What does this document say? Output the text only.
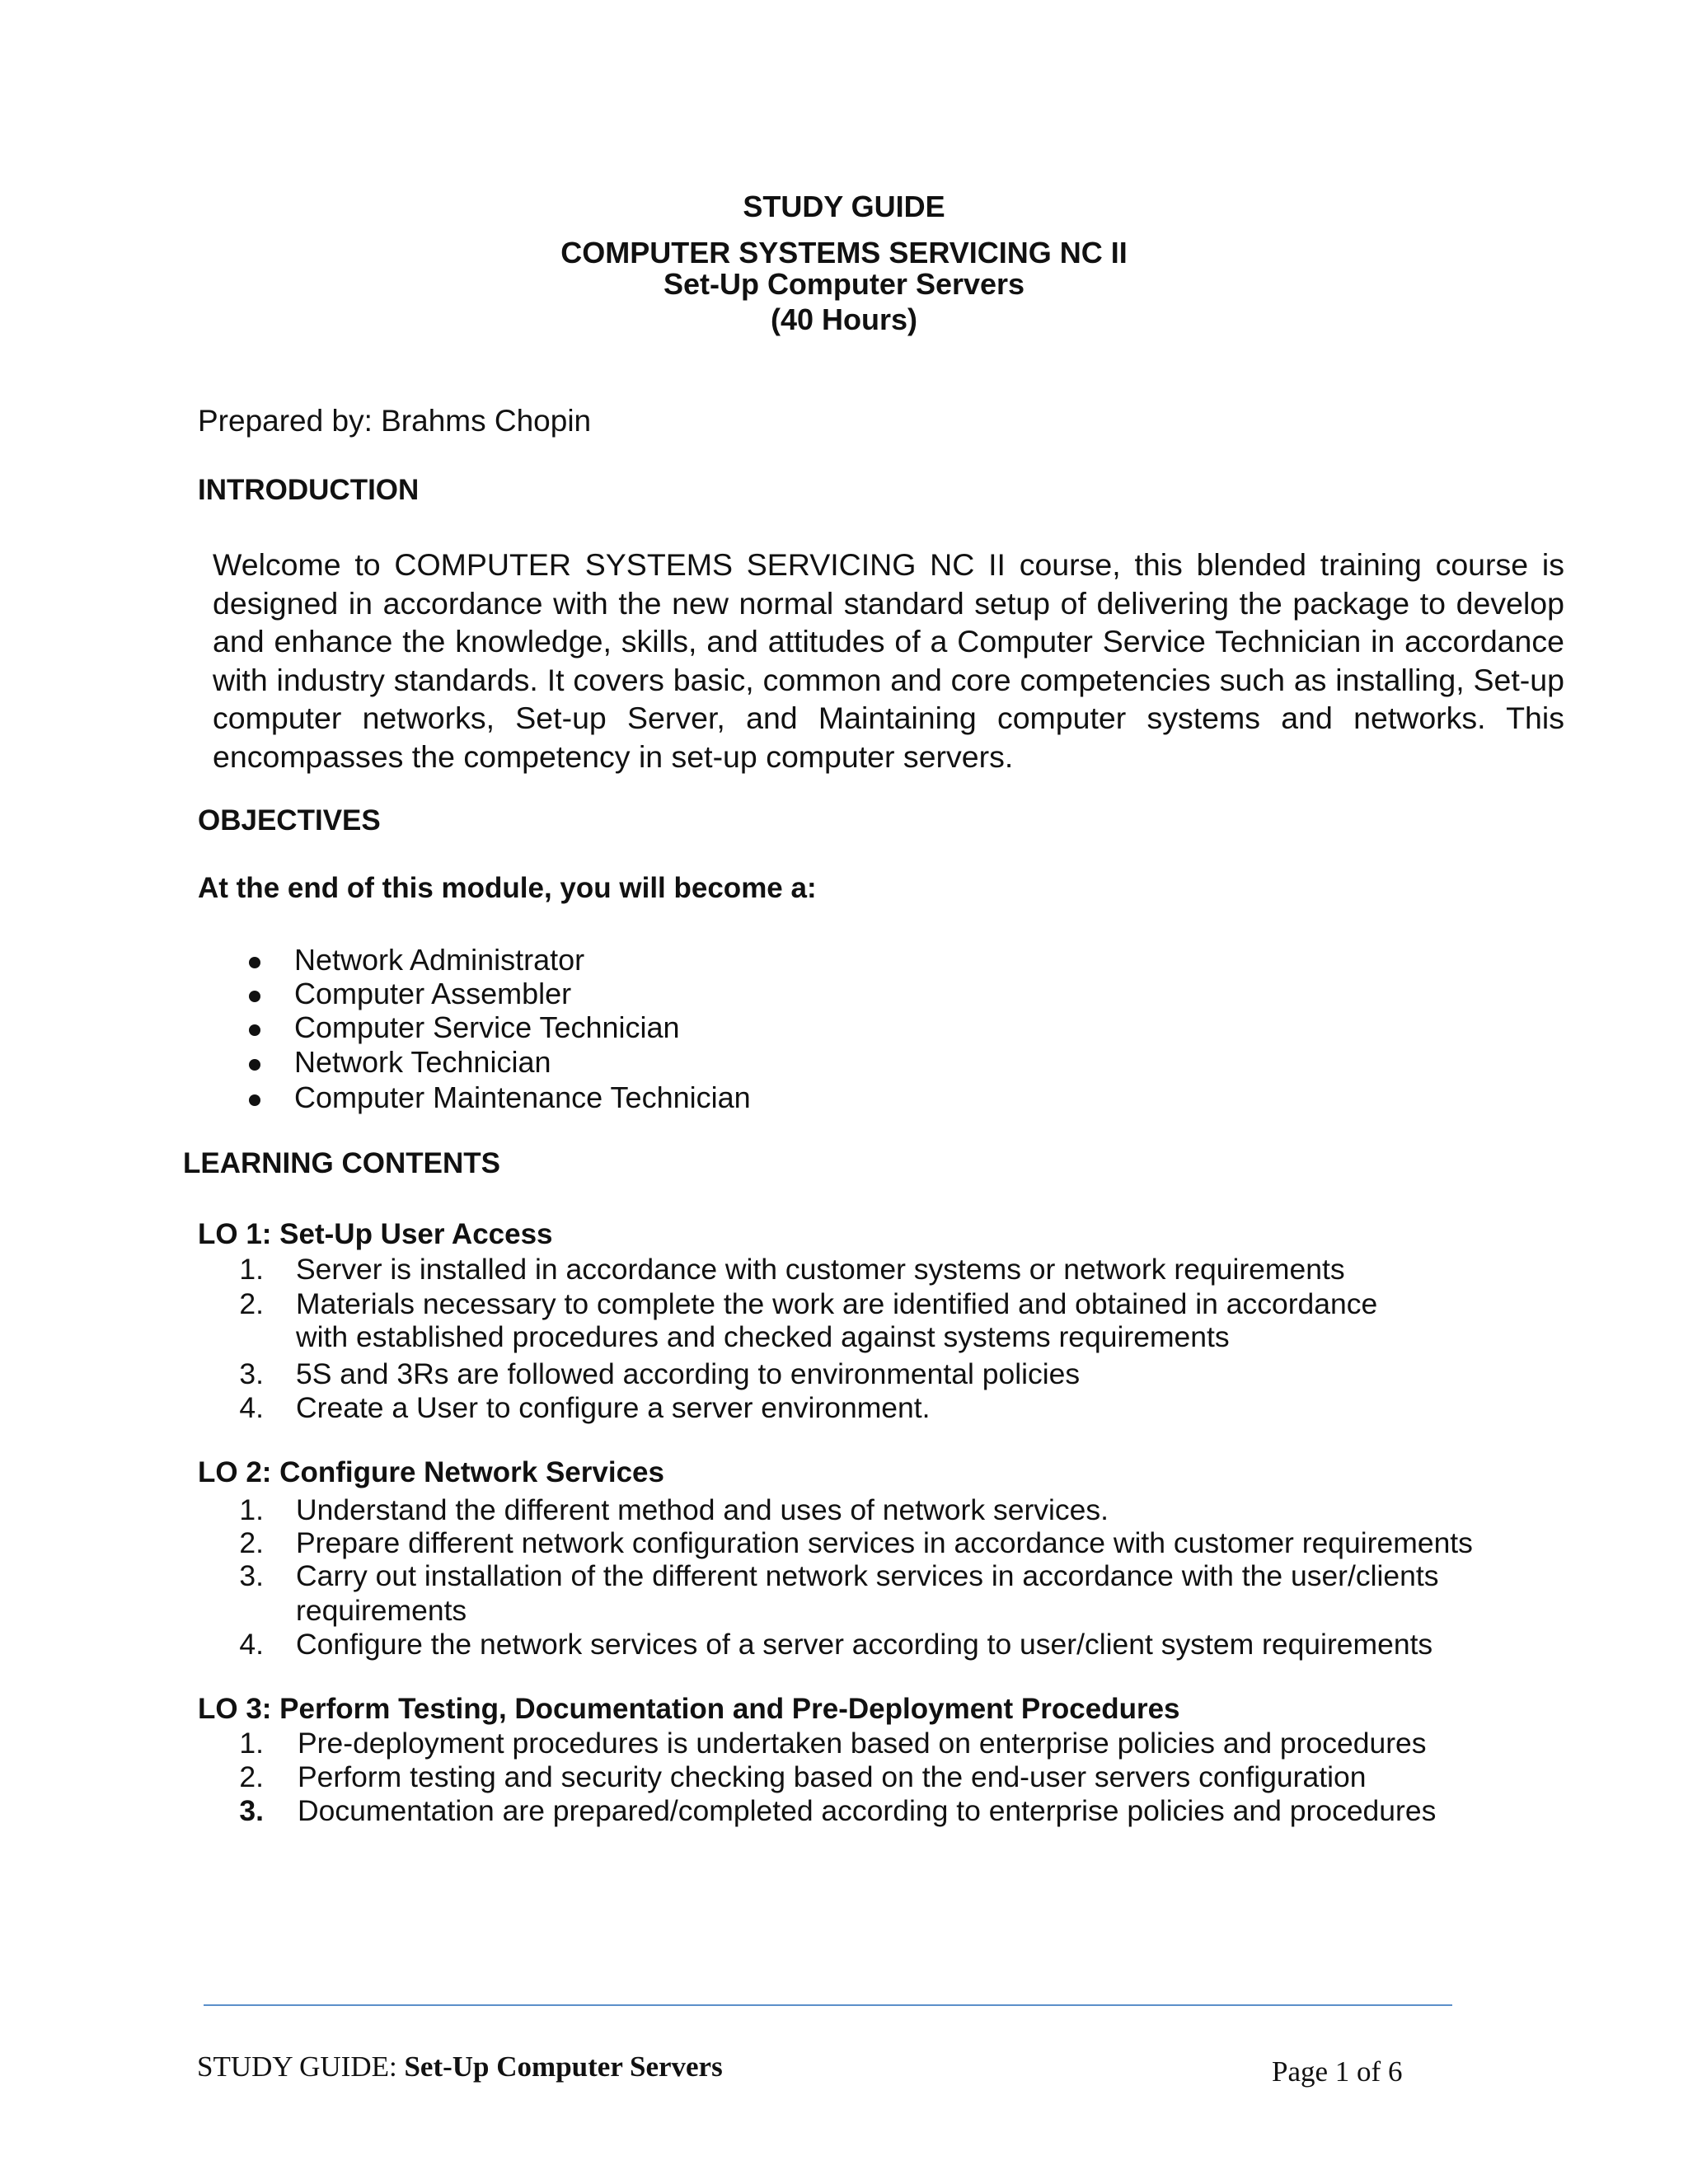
STUDY GUIDE
COMPUTER SYSTEMS SERVICING NC II
Set-Up Computer Servers
(40 Hours)
Prepared by: Brahms Chopin
INTRODUCTION
Welcome to COMPUTER SYSTEMS SERVICING NC II course, this blended training course is designed in accordance with the new normal standard setup of delivering the package to develop and enhance the knowledge, skills, and attitudes of a Computer Service Technician in accordance with industry standards. It covers basic, common and core competencies such as installing, Set-up computer networks, Set-up Server, and Maintaining computer systems and networks. This encompasses the competency in set-up computer servers.
OBJECTIVES
At the end of this module, you will become a:
Network Administrator
Computer Assembler
Computer Service Technician
Network Technician
Computer Maintenance Technician
LEARNING CONTENTS
LO 1: Set-Up User Access
1. Server is installed in accordance with customer systems or network requirements
2. Materials necessary to complete the work are identified and obtained in accordance
with established procedures and checked against systems requirements
3. 5S and 3Rs are followed according to environmental policies
4. Create a User to configure a server environment.
LO 2: Configure Network Services
1. Understand the different method and uses of network services.
2. Prepare different network configuration services in accordance with customer requirements
3. Carry out installation of the different network services in accordance with the user/clients
requirements
4. Configure the network services of a server according to user/client system requirements
LO 3: Perform Testing, Documentation and Pre-Deployment Procedures
1. Pre-deployment procedures is undertaken based on enterprise policies and procedures
2. Perform testing and security checking based on the end-user servers configuration
3. Documentation are prepared/completed according to enterprise policies and procedures
STUDY GUIDE: Set-Up Computer Servers	Page 1 of 6
